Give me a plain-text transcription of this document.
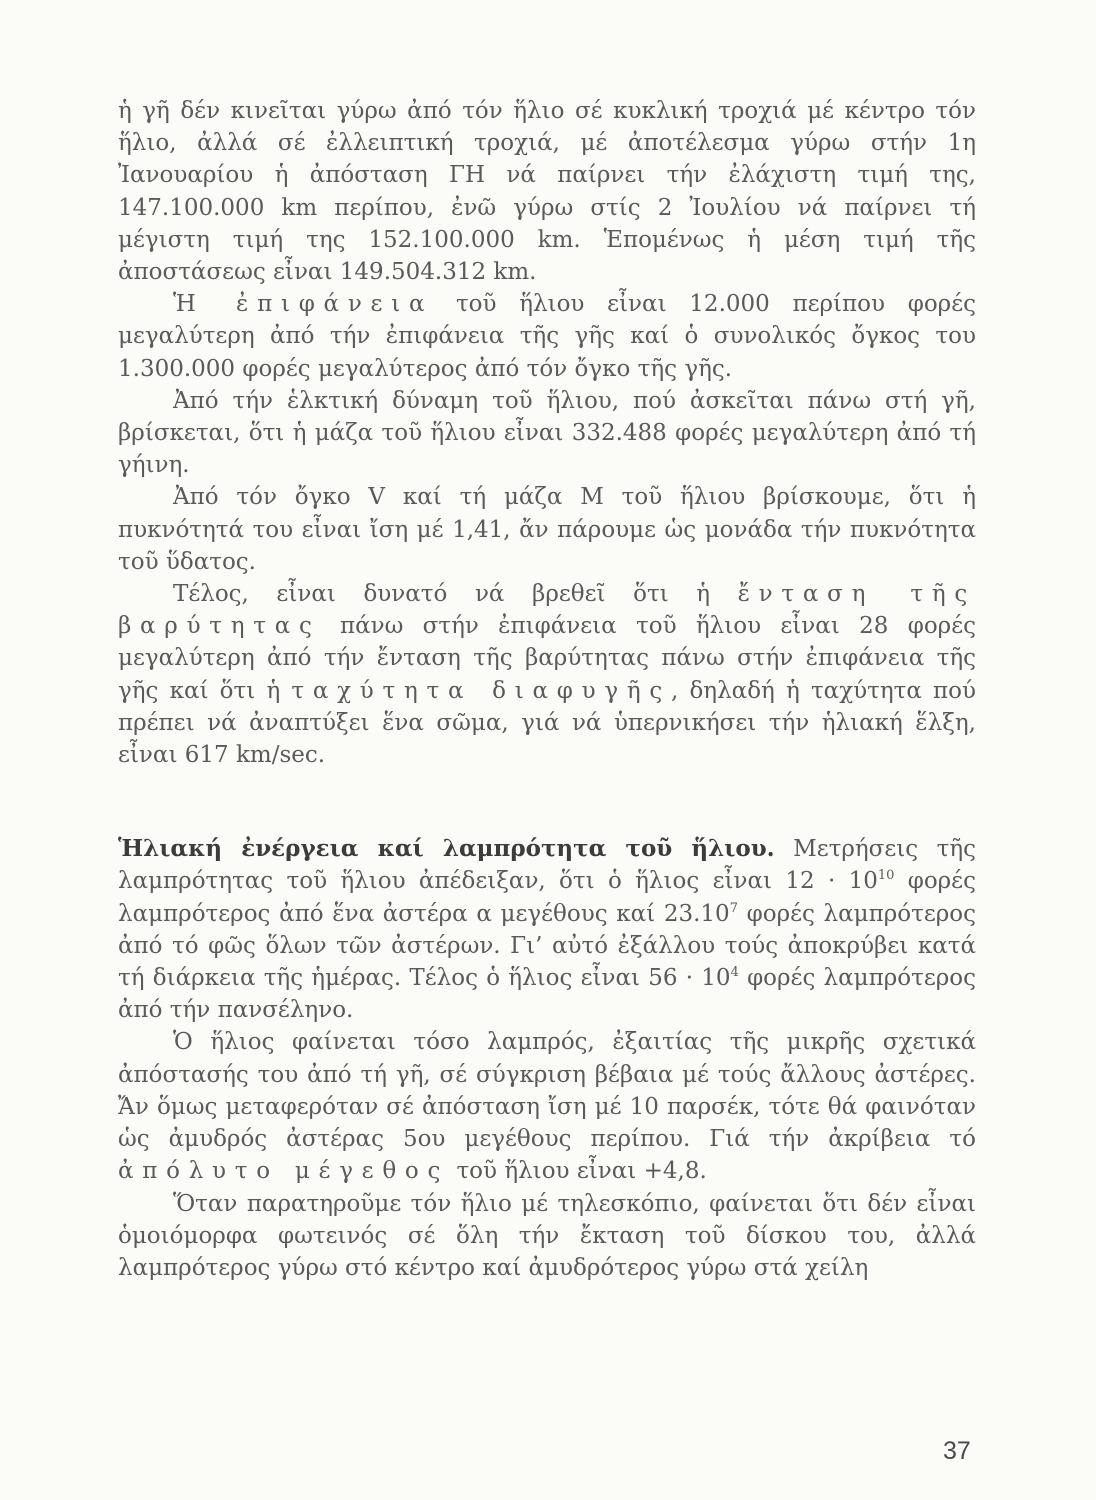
ἡ γῆ δέν κινεῖται γύρω ἀπό τόν ἥλιο σέ κυκλική τροχιά μέ κέντρο τόν ἥλιο, ἀλλά σέ ἐλλειπτική τροχιά, μέ ἀποτέλεσμα γύρω στήν 1η Ἰανουαρίου ἡ ἀπόσταση ΓΗ νά παίρνει τήν ἐλάχιστη τιμή της, 147.100.000 km περίπου, ἐνῶ γύρω στίς 2 Ἰουλίου νά παίρνει τή μέγιστη τιμή της 152.100.000 km. Ἑπομένως ἡ μέση τιμή τῆς ἀποστάσεως εἶναι 149.504.312 km.

Ἡ ἐπιφάνεια τοῦ ἥλιου εἶναι 12.000 περίπου φορές μεγαλύτερη ἀπό τήν ἐπιφάνεια τῆς γῆς καί ὁ συνολικός ὄγκος του 1.300.000 φορές μεγαλύτερος ἀπό τόν ὄγκο τῆς γῆς.

Ἀπό τήν ἑλκτική δύναμη τοῦ ἥλιου, πού ἀσκεῖται πάνω στή γῆ, βρίσκεται, ὅτι ἡ μάζα τοῦ ἥλιου εἶναι 332.488 φορές μεγαλύτερη ἀπό τή γήινη.

Ἀπό τόν ὄγκο V καί τή μάζα Μ τοῦ ἥλιου βρίσκουμε, ὅτι ἡ πυκνότητά του εἶναι ἴση μέ 1,41, ἄν πάρουμε ὡς μονάδα τήν πυκνότητα τοῦ ὕδατος.

Τέλος, εἶναι δυνατό νά βρεθεῖ ὅτι ἡ ἔνταση τῆς βαρύτητας πάνω στήν ἐπιφάνεια τοῦ ἥλιου εἶναι 28 φορές μεγαλύτερη ἀπό τήν ἔνταση τῆς βαρύτητας πάνω στήν ἐπιφάνεια τῆς γῆς καί ὅτι ἡ ταχύτητα διαφυγῆς, δηλαδή ἡ ταχύτητα πού πρέπει νά ἀναπτύξει ἕνα σῶμα, γιά νά ὑπερνικήσει τήν ἡλιακή ἕλξη, εἶναι 617 km/sec.

Ἡλιακή ἐνέργεια καί λαμπρότητα τοῦ ἥλιου. Μετρήσεις τῆς λαμπρότητας τοῦ ἥλιου ἀπέδειξαν, ὅτι ὁ ἥλιος εἶναι $12 \cdot 10^{10}$ φορές λαμπρότερος ἀπό ἕνα ἀστέρα α μεγέθους καί 23.10$^7$ φορές λαμπρότερος ἀπό τό φῶς ὅλων τῶν ἀστέρων. Γι’ αὐτό ἐξάλλου τούς ἀποκρύβει κατά τή διάρκεια τῆς ἡμέρας. Τέλος ὁ ἥλιος εἶναι $56 \cdot 10^4$ φορές λαμπρότερος ἀπό τήν πανσέληνο.

Ὁ ἥλιος φαίνεται τόσο λαμπρός, ἐξαιτίας τῆς μικρῆς σχετικά ἀπόστασής του ἀπό τή γῆ, σέ σύγκριση βέβαια μέ τούς ἄλλους ἀστέρες. Ἄν ὅμως μεταφερόταν σέ ἀπόσταση ἴση μέ 10 παρσέκ, τότε θά φαινόταν ὡς ἀμυδρός ἀστέρας 5ου μεγέθους περίπου. Γιά τήν ἀκρίβεια τό ἀπόλυτο μέγεθος τοῦ ἥλιου εἶναι +4,8.

Ὅταν παρατηροῦμε τόν ἥλιο μέ τηλεσκόπιο, φαίνεται ὅτι δέν εἶναι ὁμοιόμορφα φωτεινός σέ ὅλη τήν ἔκταση τοῦ δίσκου του, ἀλλά λαμπρότερος γύρω στό κέντρο καί ἀμυδρότερος γύρω στά χείλη

37
